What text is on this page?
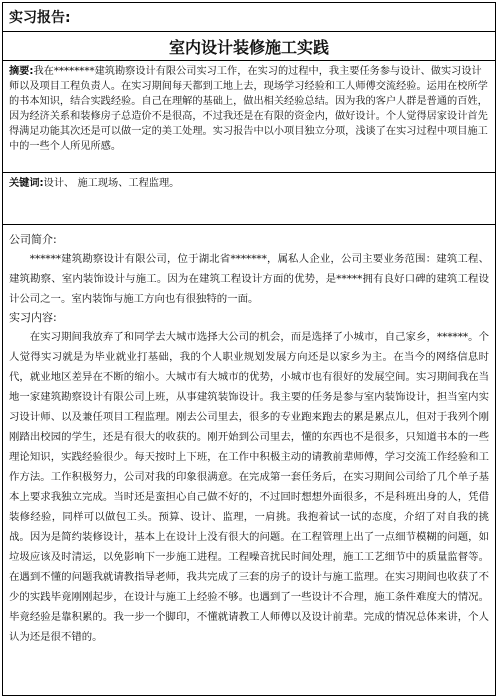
实习报告:
室内设计装修施工实践
摘要:我在********建筑勘察设计有限公司实习工作，在实习的过程中，我主要任务参与设计、做实习设计师以及项目工程负责人。在实习期间每天都到工地上去，现场学习经验和工人师傅交流经验。运用在校所学的书本知识，结合实践经验。自己在理解的基础上，做出相关经验总结。因为我的客户人群是普通的百姓，因为经济关系和装修房子总造价不是很高，不过我还是在有限的资金内，做好设计。个人觉得居家设计首先得满足功能其次还是可以做一定的美工处理。实习报告中以小项目独立分项，浅谈了在实习过程中项目施工中的一些个人所见所感。
关键词:设计、 施工现场、工程监理。
公司简介:

******建筑勘察设计有限公司，位于湖北省*******，属私人企业，公司主要业务范围：建筑工程、建筑勘察、室内装饰设计与施工。因为在建筑工程设计方面的优势，是*****拥有良好口碑的建筑工程设计公司之一。室内装饰与施工方向也有很独特的一面。

实习内容:

在实习期间我放弃了和同学去大城市选择大公司的机会，而是选择了小城市，自己家乡，******。个人觉得实习就是为毕业就业打基础，我的个人职业规划发展方向还是以家乡为主。在当今的网络信息时代，就业地区差异在不断的缩小。大城市有大城市的优势，小城市也有很好的发展空间。实习期间我在当地一家建筑勘察设计有限公司上班，从事建筑装饰设计。我主要的任务是参与室内装饰设计，担当室内实习设计师、以及兼任项目工程监理。刚去公司里去，很多的专业跑来跑去的累是累点儿，但对于我列个刚刚踏出校园的学生，还是有很大的收获的。刚开始到公司里去，懂的东西也不是很多，只知道书本的一些理论知识，实践经验很少。每天按时上下班，在工作中积极主动的请教前辈师傅，学习交流工作经验和工作方法。工作积极努力，公司对我的印象很满意。在完成第一套任务后，在实习期间公司给了几个单子基本上要求我独立完成。当时还是蛮担心自己做不好的，不过回时想想外面很多，不是科班出身的人，凭借装修经验，同样可以做包工头。预算、设计、监理，一肩挑。我抱着试一试的态度，介绍了对自我的挑战。因为是简约装修设计，基本上在设计上没有很大的问题。在工程管理上出了一点细节模糊的问题，如垃圾应该及时清运，以免影响下一步施工进程。工程噪音扰民时间处理，施工工艺细节中的质量监督等。在遇到不懂的问题我就请教指导老师，我共完成了三套的房子的设计与施工监理。在实习期间也收获了不少的实践毕竟刚刚起步，在设计与施工上经验不够。也遇到了一些设计不合理，施工条件难度大的情况。毕竟经验是靠积累的。我一步一个脚印，不懂就请教工人师傅以及设计前辈。完成的情况总体来讲，个人认为还是很不错的。
